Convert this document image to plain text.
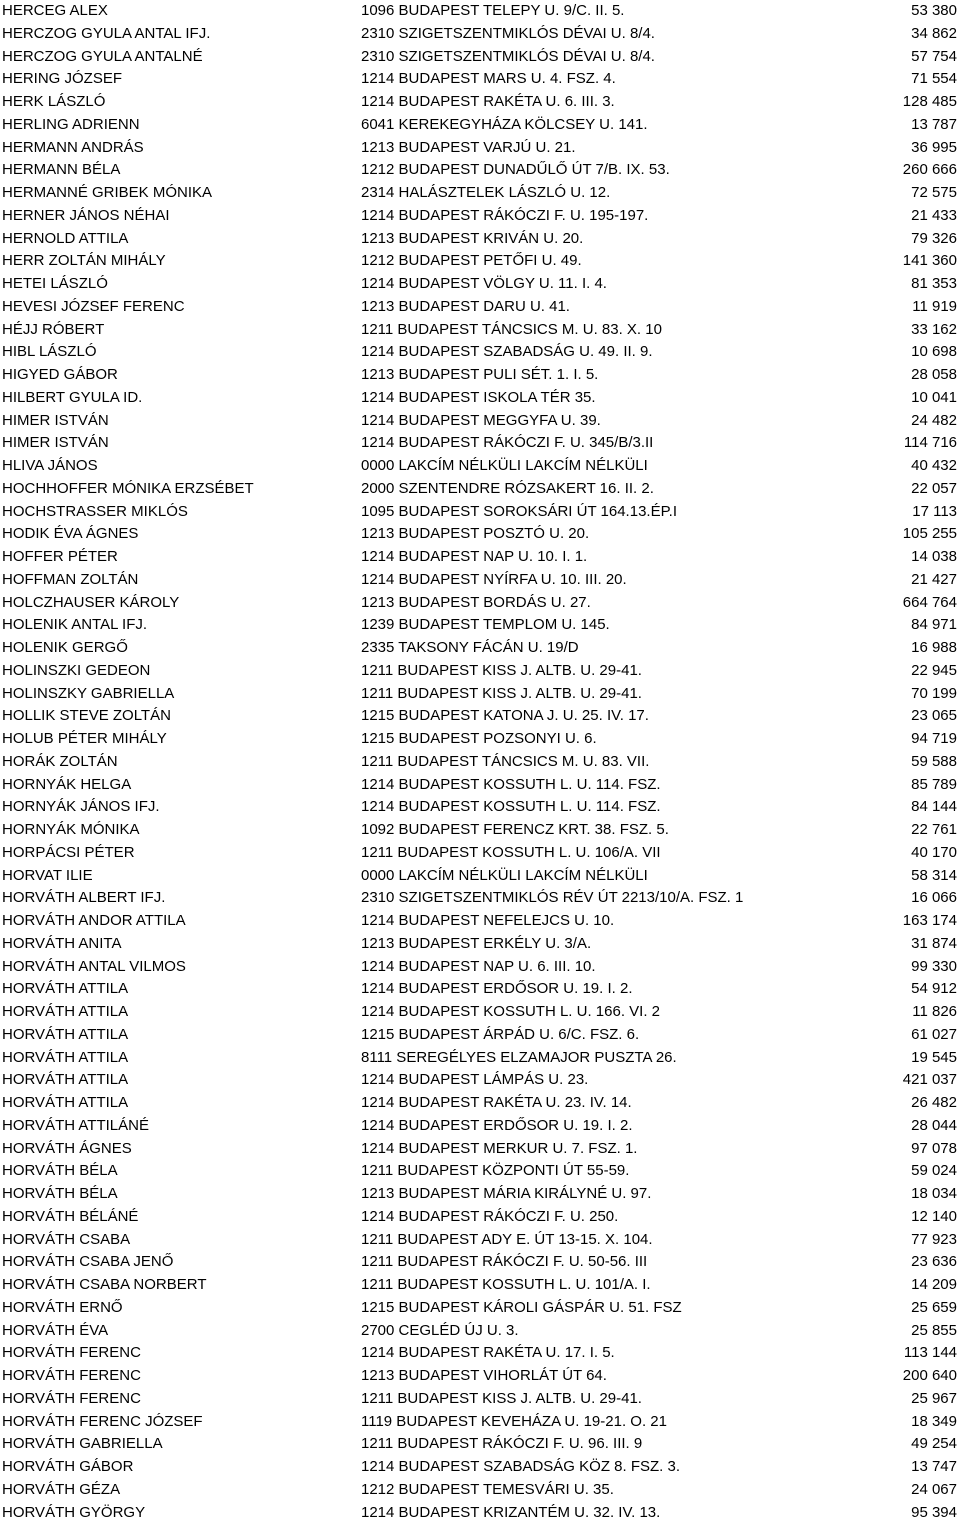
HERCEG ALEX	1096 BUDAPEST TELEPY U. 9/C. II. 5.	53 380
HERCZOG GYULA ANTAL IFJ.	2310 SZIGETSZENTMIKLÓS DÉVAI U. 8/4.	34 862
HERCZOG GYULA ANTALNÉ	2310 SZIGETSZENTMIKLÓS DÉVAI U. 8/4.	57 754
HERING JÓZSEF	1214 BUDAPEST MARS U. 4. FSZ. 4.	71 554
HERK LÁSZLÓ	1214 BUDAPEST RAKÉTA U. 6. III. 3.	128 485
HERLING ADRIENN	6041 KEREKEGYHÁZA KÖLCSEY U. 141.	13 787
HERMANN ANDRÁS	1213 BUDAPEST VARJÚ U. 21.	36 995
HERMANN BÉLA	1212 BUDAPEST DUNADŰLŐ ÚT 7/B. IX. 53.	260 666
HERMANNÉ GRIBEK MÓNIKA	2314 HALÁSZTELEK LÁSZLÓ U. 12.	72 575
HERNER JÁNOS NÉHAI	1214 BUDAPEST RÁKÓCZI F. U. 195-197.	21 433
HERNOLD ATTILA	1213 BUDAPEST KRIVÁN U. 20.	79 326
HERR ZOLTÁN MIHÁLY	1212 BUDAPEST PETŐFI U. 49.	141 360
HETEI LÁSZLÓ	1214 BUDAPEST VÖLGY U. 11. I. 4.	81 353
HEVESI JÓZSEF FERENC	1213 BUDAPEST DARU U. 41.	11 919
HÉJJ RÓBERT	1211 BUDAPEST TÁNCSICS M. U. 83. X. 10	33 162
HIBL LÁSZLÓ	1214 BUDAPEST SZABADSÁG U. 49. II. 9.	10 698
HIGYED GÁBOR	1213 BUDAPEST PULI SÉT. 1. I. 5.	28 058
HILBERT GYULA ID.	1214 BUDAPEST ISKOLA TÉR 35.	10 041
HIMER ISTVÁN	1214 BUDAPEST MEGGYFA U. 39.	24 482
HIMER ISTVÁN	1214 BUDAPEST RÁKÓCZI F. U. 345/B/3.II	114 716
HLIVA JÁNOS	0000 LAKCÍM NÉLKÜLI LAKCÍM NÉLKÜLI	40 432
HOCHHOFFER MÓNIKA ERZSÉBET	2000 SZENTENDRE RÓZSAKERT 16. II. 2.	22 057
HOCHSTRASSER MIKLÓS	1095 BUDAPEST SOROKSÁRI ÚT 164.13.ÉP.I	17 113
HODIK ÉVA ÁGNES	1213 BUDAPEST POSZTÓ U. 20.	105 255
HOFFER PÉTER	1214 BUDAPEST NAP U. 10. I. 1.	14 038
HOFFMAN ZOLTÁN	1214 BUDAPEST NYÍRFA U. 10. III. 20.	21 427
HOLCZHAUSER KÁROLY	1213 BUDAPEST BORDÁS U. 27.	664 764
HOLENIK ANTAL IFJ.	1239 BUDAPEST TEMPLOM U. 145.	84 971
HOLENIK GERGŐ	2335 TAKSONY FÁCÁN U. 19/D	16 988
HOLINSZKI GEDEON	1211 BUDAPEST KISS J. ALTB. U. 29-41.	22 945
HOLINSZKY GABRIELLA	1211 BUDAPEST KISS J. ALTB. U. 29-41.	70 199
HOLLIK STEVE ZOLTÁN	1215 BUDAPEST KATONA J. U. 25. IV. 17.	23 065
HOLUB PÉTER MIHÁLY	1215 BUDAPEST POZSONYI U. 6.	94 719
HORÁK ZOLTÁN	1211 BUDAPEST TÁNCSICS M. U. 83. VII.	59 588
HORNYÁK HELGA	1214 BUDAPEST KOSSUTH L. U. 114. FSZ.	85 789
HORNYÁK JÁNOS IFJ.	1214 BUDAPEST KOSSUTH L. U. 114. FSZ.	84 144
HORNYÁK MÓNIKA	1092 BUDAPEST FERENCZ KRT. 38. FSZ. 5.	22 761
HORPÁCSI PÉTER	1211 BUDAPEST KOSSUTH L. U. 106/A. VII	40 170
HORVAT ILIE	0000 LAKCÍM NÉLKÜLI LAKCÍM NÉLKÜLI	58 314
HORVÁTH ALBERT IFJ.	2310 SZIGETSZENTMIKLÓS RÉV ÚT 2213/10/A. FSZ. 1	16 066
HORVÁTH ANDOR ATTILA	1214 BUDAPEST NEFELEJCS U. 10.	163 174
HORVÁTH ANITA	1213 BUDAPEST ERKÉLY U. 3/A.	31 874
HORVÁTH ANTAL VILMOS	1214 BUDAPEST NAP U. 6. III. 10.	99 330
HORVÁTH ATTILA	1214 BUDAPEST ERDŐSOR U. 19. I. 2.	54 912
HORVÁTH ATTILA	1214 BUDAPEST KOSSUTH L. U. 166. VI. 2	11 826
HORVÁTH ATTILA	1215 BUDAPEST ÁRPÁD U. 6/C. FSZ. 6.	61 027
HORVÁTH ATTILA	8111 SEREGÉLYES ELZAMAJOR PUSZTA 26.	19 545
HORVÁTH ATTILA	1214 BUDAPEST LÁMPÁS U. 23.	421 037
HORVÁTH ATTILA	1214 BUDAPEST RAKÉTA U. 23. IV. 14.	26 482
HORVÁTH ATTILÁNÉ	1214 BUDAPEST ERDŐSOR U. 19. I. 2.	28 044
HORVÁTH ÁGNES	1214 BUDAPEST MERKUR U. 7. FSZ. 1.	97 078
HORVÁTH BÉLA	1211 BUDAPEST KÖZPONTI ÚT 55-59.	59 024
HORVÁTH BÉLA	1213 BUDAPEST MÁRIA KIRÁLYNÉ U. 97.	18 034
HORVÁTH BÉLÁNÉ	1214 BUDAPEST RÁKÓCZI F. U. 250.	12 140
HORVÁTH CSABA	1211 BUDAPEST ADY E. ÚT 13-15. X. 104.	77 923
HORVÁTH CSABA JENŐ	1211 BUDAPEST RÁKÓCZI F. U. 50-56. III	23 636
HORVÁTH CSABA NORBERT	1211 BUDAPEST KOSSUTH L. U. 101/A. I.	14 209
HORVÁTH ERNŐ	1215 BUDAPEST KÁROLI GÁSPÁR U. 51. FSZ	25 659
HORVÁTH ÉVA	2700 CEGLÉD ÚJ U. 3.	25 855
HORVÁTH FERENC	1214 BUDAPEST RAKÉTA U. 17. I. 5.	113 144
HORVÁTH FERENC	1213 BUDAPEST VIHORLÁT ÚT 64.	200 640
HORVÁTH FERENC	1211 BUDAPEST KISS J. ALTB. U. 29-41.	25 967
HORVÁTH FERENC JÓZSEF	1119 BUDAPEST KEVEHÁZA U. 19-21. O. 21	18 349
HORVÁTH GABRIELLA	1211 BUDAPEST RÁKÓCZI F. U. 96. III. 9	49 254
HORVÁTH GÁBOR	1214 BUDAPEST SZABADSÁG KÖZ 8. FSZ. 3.	13 747
HORVÁTH GÉZA	1212 BUDAPEST TEMESVÁRI U. 35.	24 067
HORVÁTH GYÖRGY	1214 BUDAPEST KRIZANTÉM U. 32. IV. 13.	95 394
